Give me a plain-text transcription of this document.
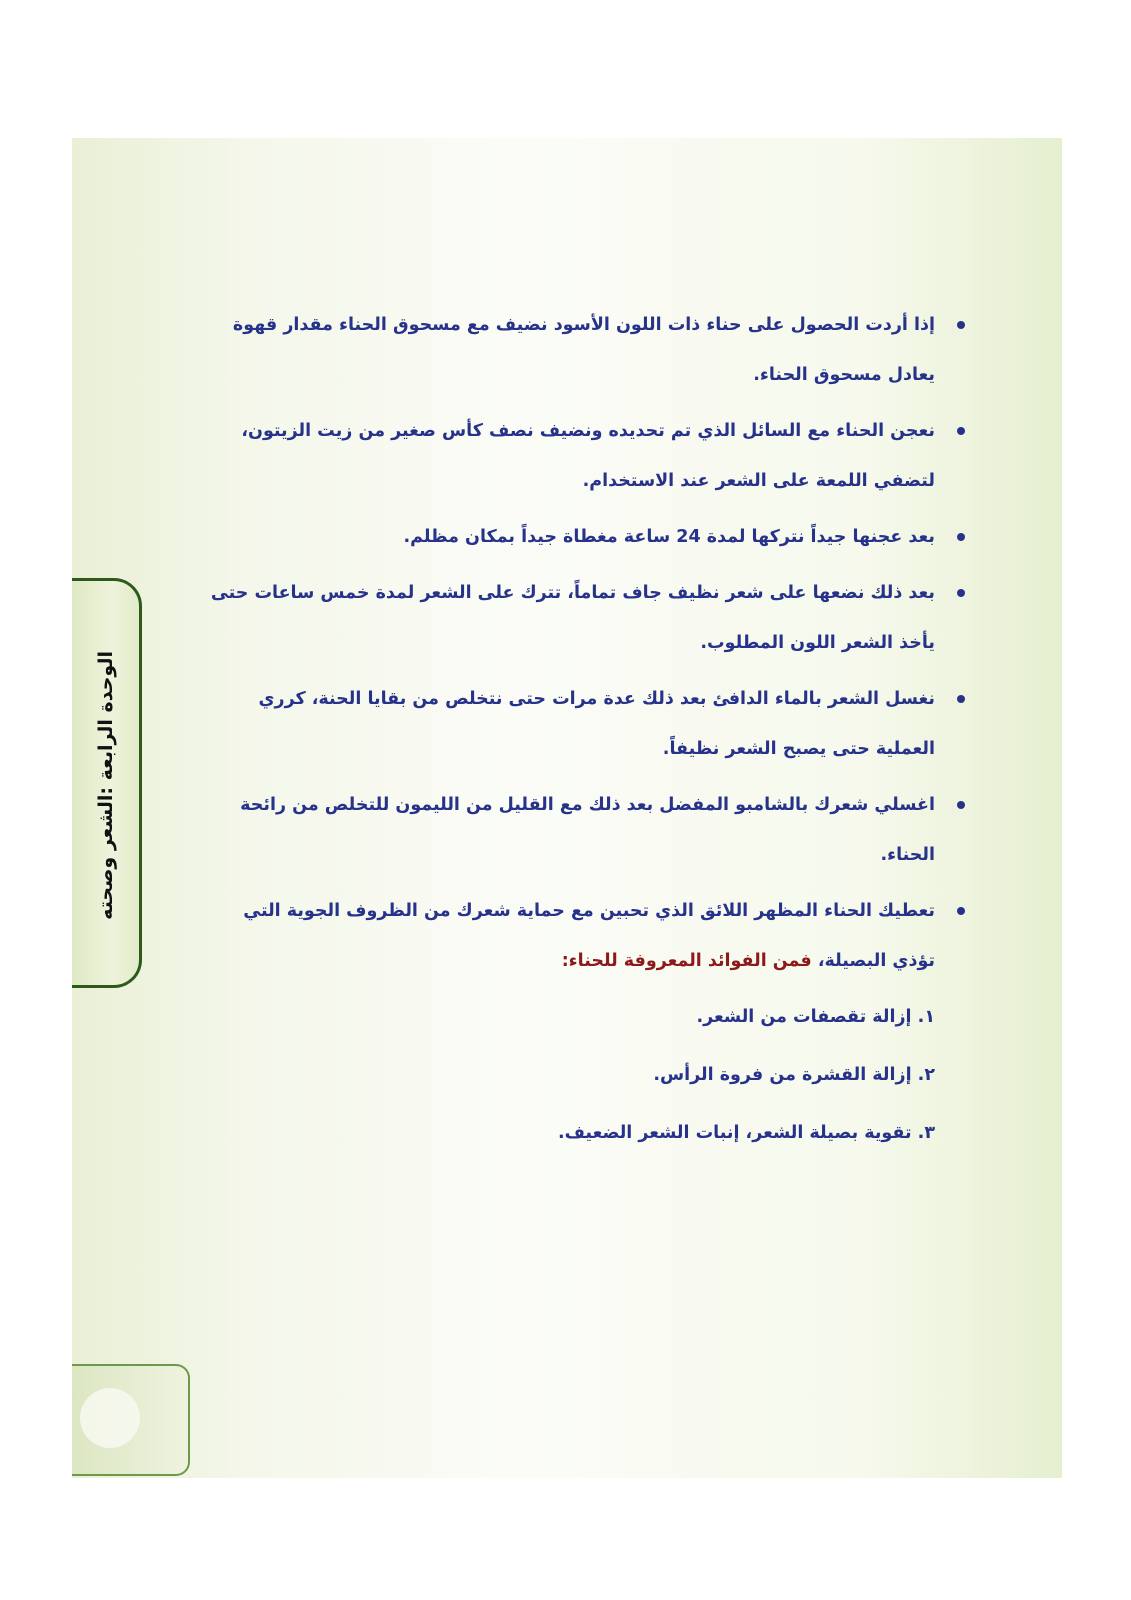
الوحدة الرابعة :الشعر وصحته
إذا أردت الحصول على حناء ذات اللون الأسود نضيف مع مسحوق الحناء مقدار قهوة يعادل مسحوق الحناء.
نعجن الحناء مع السائل الذي تم تحديده ونضيف نصف كأس صغير من زيت الزيتون، لتضفي اللمعة على الشعر عند الاستخدام.
بعد عجنها جيداً نتركها لمدة 24 ساعة مغطاة جيداً بمكان مظلم.
بعد ذلك نضعها على شعر نظيف جاف تماماً، تترك على الشعر لمدة خمس ساعات حتى يأخذ الشعر اللون المطلوب.
نغسل الشعر بالماء الدافئ بعد ذلك عدة مرات حتى نتخلص من بقايا الحنة، كرري العملية حتى يصبح الشعر نظيفاً.
اغسلي شعرك بالشامبو المفضل بعد ذلك مع القليل من الليمون للتخلص من رائحة الحناء.
تعطيك الحناء المظهر اللائق الذي تحبين مع حماية شعرك من الظروف الجوية التي تؤذي البصيلة، فمن الفوائد المعروفة للحناء:
١. إزالة تقصفات من الشعر.
٢. إزالة القشرة من فروة الرأس.
٣. تقوية بصيلة الشعر، إنبات الشعر الضعيف.
